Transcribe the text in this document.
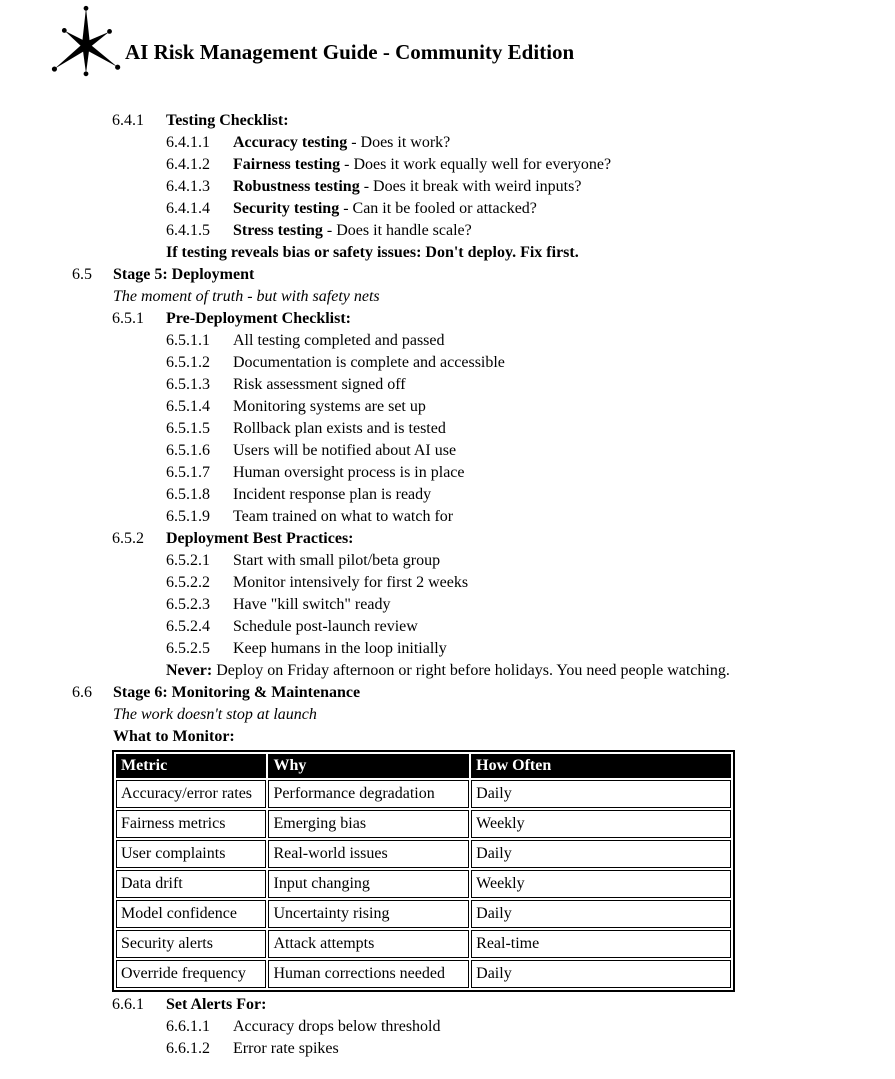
AI Risk Management Guide - Community Edition
6.4.1	Testing Checklist:
6.4.1.1	Accuracy testing - Does it work?
6.4.1.2	Fairness testing - Does it work equally well for everyone?
6.4.1.3	Robustness testing - Does it break with weird inputs?
6.4.1.4	Security testing - Can it be fooled or attacked?
6.4.1.5	Stress testing - Does it handle scale?
If testing reveals bias or safety issues: Don't deploy. Fix first.
6.5	Stage 5: Deployment
The moment of truth - but with safety nets
6.5.1	Pre-Deployment Checklist:
6.5.1.1	All testing completed and passed
6.5.1.2	Documentation is complete and accessible
6.5.1.3	Risk assessment signed off
6.5.1.4	Monitoring systems are set up
6.5.1.5	Rollback plan exists and is tested
6.5.1.6	Users will be notified about AI use
6.5.1.7	Human oversight process is in place
6.5.1.8	Incident response plan is ready
6.5.1.9	Team trained on what to watch for
6.5.2	Deployment Best Practices:
6.5.2.1	Start with small pilot/beta group
6.5.2.2	Monitor intensively for first 2 weeks
6.5.2.3	Have "kill switch" ready
6.5.2.4	Schedule post-launch review
6.5.2.5	Keep humans in the loop initially
Never: Deploy on Friday afternoon or right before holidays. You need people watching.
6.6	Stage 6: Monitoring & Maintenance
The work doesn't stop at launch
What to Monitor:
Metric	Why	How Often
Accuracy/error rates	Performance degradation	Daily
Fairness metrics	Emerging bias	Weekly
User complaints	Real-world issues	Daily
Data drift	Input changing	Weekly
Model confidence	Uncertainty rising	Daily
Security alerts	Attack attempts	Real-time
Override frequency	Human corrections needed	Daily
6.6.1	Set Alerts For:
6.6.1.1	Accuracy drops below threshold
6.6.1.2	Error rate spikes
